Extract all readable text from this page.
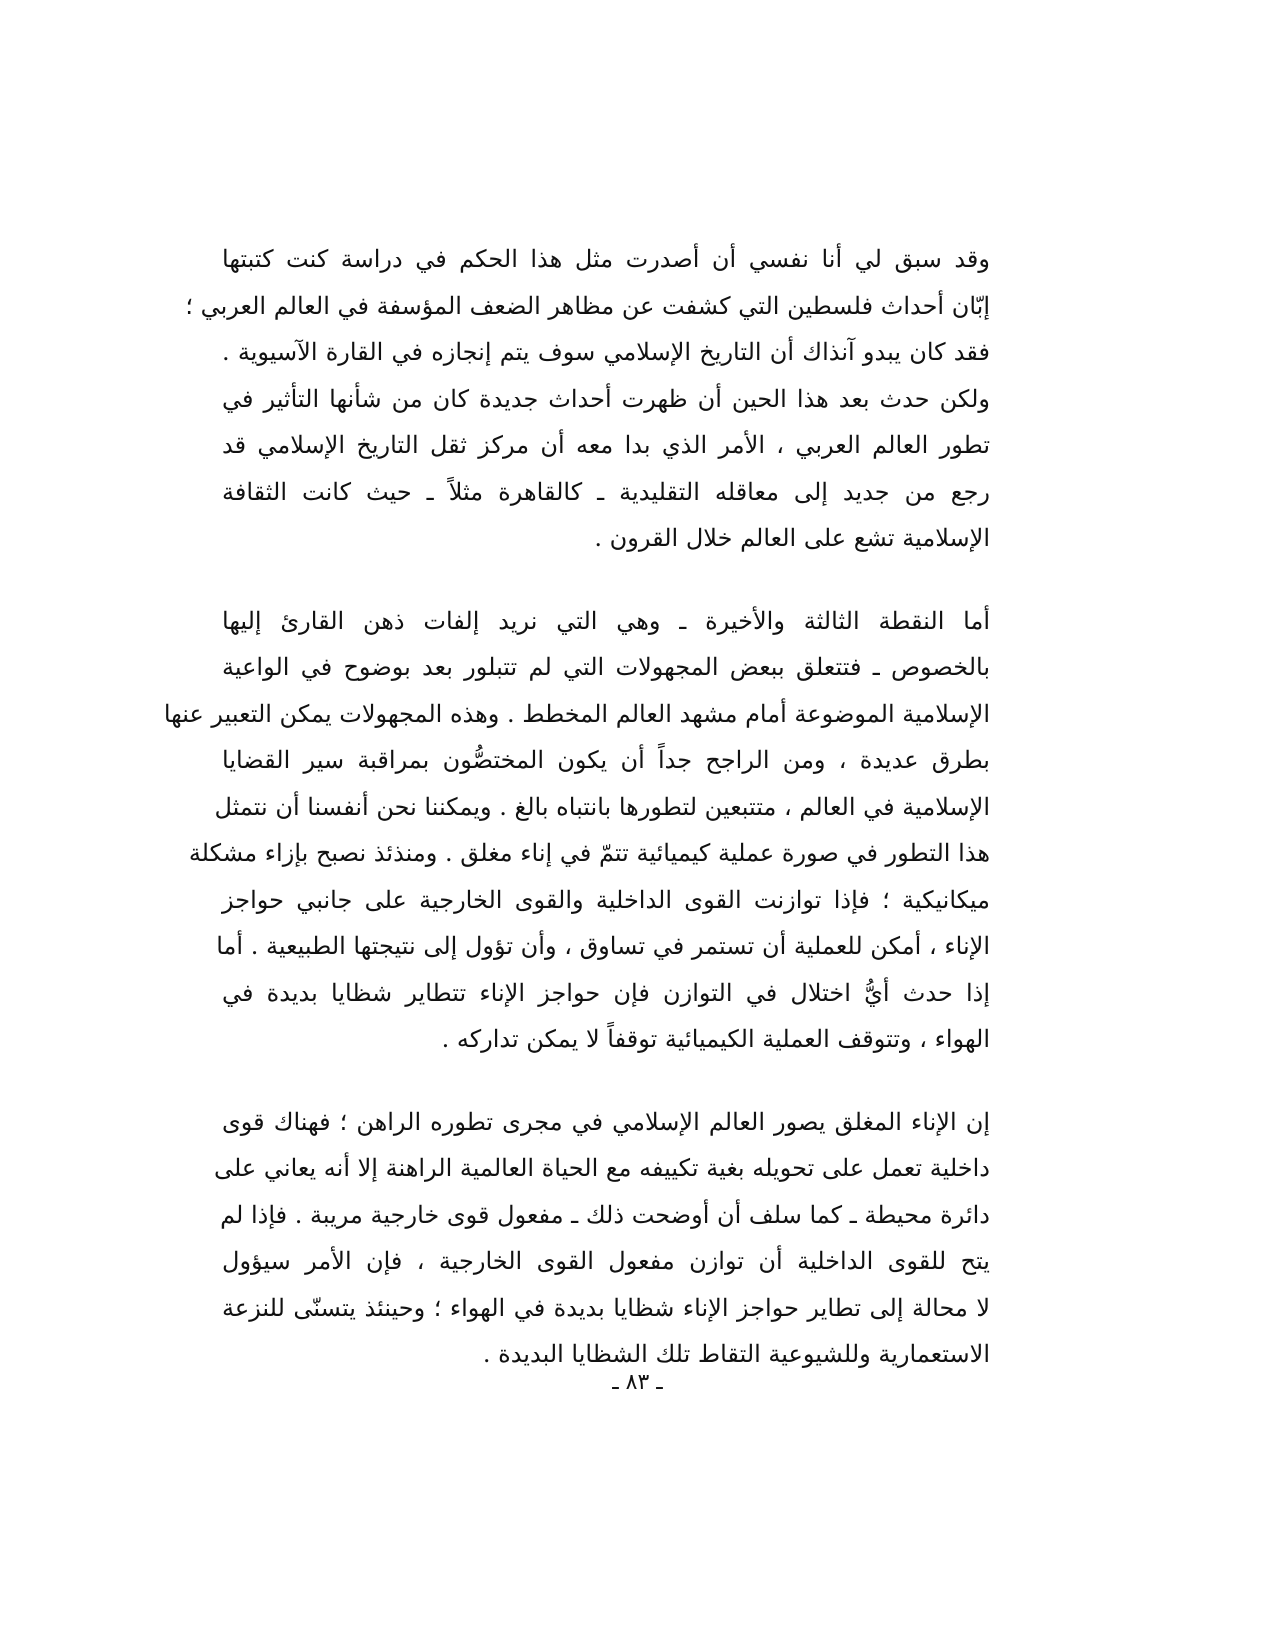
وقد سبق لي أنا نفسي أن أصدرت مثل هذا الحكم في دراسة كنت كتبتها
إبّان أحداث فلسطين التي كشفت عن مظاهر الضعف المؤسفة في العالم العربي ؛
فقد كان يبدو آنذاك أن التاريخ الإسلامي سوف يتم إنجازه في القارة الآسيوية .
ولكن حدث بعد هذا الحين أن ظهرت أحداث جديدة كان من شأنها التأثير في
تطور العالم العربي ، الأمر الذي بدا معه أن مركز ثقل التاريخ الإسلامي قد
رجع من جديد إلى معاقله التقليدية ـ كالقاهرة مثلاً ـ حيث كانت الثقافة
الإسلامية تشع على العالم خلال القرون .

أما النقطة الثالثة والأخيرة ـ وهي التي نريد إلفات ذهن القارئ إليها
بالخصوص ـ فتتعلق ببعض المجهولات التي لم تتبلور بعد بوضوح في الواعية
الإسلامية الموضوعة أمام مشهد العالم المخطط . وهذه المجهولات يمكن التعبير عنها
بطرق عديدة ، ومن الراجح جداً أن يكون المختصُّون بمراقبة سير القضايا
الإسلامية في العالم ، متتبعين لتطورها بانتباه بالغ . ويمكننا نحن أنفسنا أن نتمثل
هذا التطور في صورة عملية كيميائية تتمّ في إناء مغلق . ومنذئذ نصبح بإزاء مشكلة
ميكانيكية ؛ فإذا توازنت القوى الداخلية والقوى الخارجية على جانبي حواجز
الإناء ، أمكن للعملية أن تستمر في تساوق ، وأن تؤول إلى نتيجتها الطبيعية . أما
إذا حدث أيُّ اختلال في التوازن فإن حواجز الإناء تتطاير شظايا بديدة في
الهواء ، وتتوقف العملية الكيميائية توقفاً لا يمكن تداركه .

إن الإناء المغلق يصور العالم الإسلامي في مجرى تطوره الراهن ؛ فهناك قوى
داخلية تعمل على تحويله بغية تكييفه مع الحياة العالمية الراهنة إلا أنه يعاني على
دائرة محيطة ـ كما سلف أن أوضحت ذلك ـ مفعول قوى خارجية مريبة . فإذا لم
يتح للقوى الداخلية أن توازن مفعول القوى الخارجية ، فإن الأمر سيؤول
لا محالة إلى تطاير حواجز الإناء شظايا بديدة في الهواء ؛ وحينئذ يتسنّى للنزعة
الاستعمارية وللشيوعية التقاط تلك الشظايا البديدة .

ـ ٨٣ ـ
